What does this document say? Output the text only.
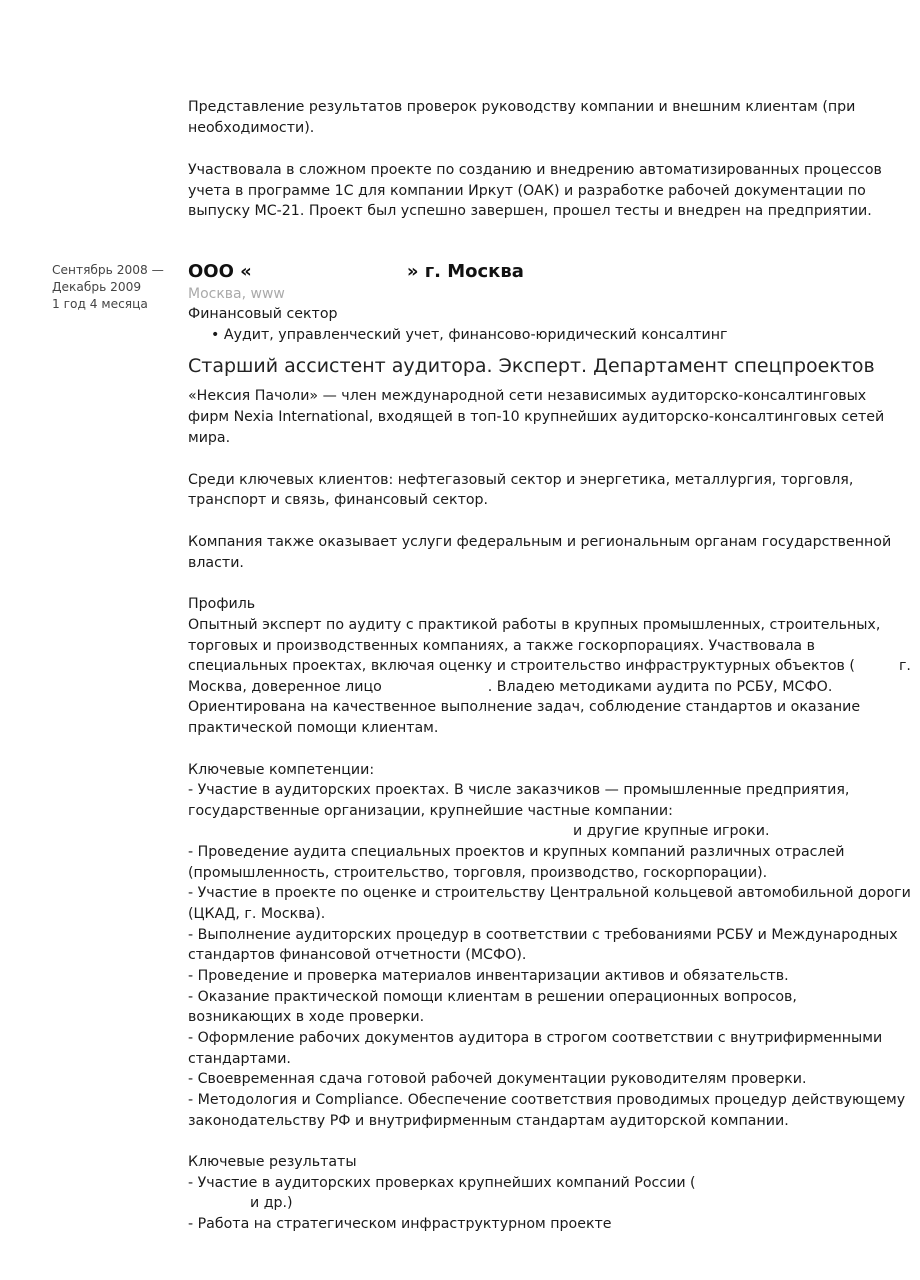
Представление результатов проверок руководству компании и внешним клиентам (при
необходимости).
Участвовала в сложном проекте по созданию и внедрению автоматизированных процессов
учета в программе 1С для компании Иркут (ОАК) и разработке рабочей документации по
выпуску МС-21. Проект был успешно завершен, прошел тесты и внедрен на предприятии.
Сентябрь 2008 —
Декабрь 2009
1 год 4 месяца
ООО «	» г. Москва
Москва, www
Финансовый сектор
• Аудит, управленческий учет, финансово-юридический консалтинг
Старший ассистент аудитора. Эксперт. Департамент спецпроектов
«Нексия Пачоли» — член международной сети независимых аудиторско-консалтинговых
фирм Nexia International, входящей в топ-10 крупнейших аудиторско-консалтинговых сетей
мира.
Среди ключевых клиентов: нефтегазовый сектор и энергетика, металлургия, торговля,
транспорт и связь, финансовый сектор.
Компания также оказывает услуги федеральным и региональным органам государственной
власти.
Профиль
Опытный эксперт по аудиту с практикой работы в крупных промышленных, строительных,
торговых и производственных компаниях, а также госкорпорациях. Участвовала в
специальных проектах, включая оценку и строительство инфраструктурных объектов (	г.
Москва, доверенное лицо	. Владею методиками аудита по РСБУ, МСФО.
Ориентирована на качественное выполнение задач, соблюдение стандартов и оказание
практической помощи клиентам.
Ключевые компетенции:
- Участие в аудиторских проектах. В числе заказчиков — промышленные предприятия,
государственные организации, крупнейшие частные компании:
и другие крупные игроки.
- Проведение аудита специальных проектов и крупных компаний различных отраслей
(промышленность, строительство, торговля, производство, госкорпорации).
- Участие в проекте по оценке и строительству Центральной кольцевой автомобильной дороги
(ЦКАД, г. Москва).
- Выполнение аудиторских процедур в соответствии с требованиями РСБУ и Международных
стандартов финансовой отчетности (МСФО).
- Проведение и проверка материалов инвентаризации активов и обязательств.
- Оказание практической помощи клиентам в решении операционных вопросов,
возникающих в ходе проверки.
- Оформление рабочих документов аудитора в строгом соответствии с внутрифирменными
стандартами.
- Своевременная сдача готовой рабочей документации руководителям проверки.
- Методология и Compliance. Обеспечение соответствия проводимых процедур действующему
законодательству РФ и внутрифирменным стандартам аудиторской компании.
Ключевые результаты
- Участие в аудиторских проверках крупнейших компаний России (
и др.)
- Работа на стратегическом инфраструктурном проекте
